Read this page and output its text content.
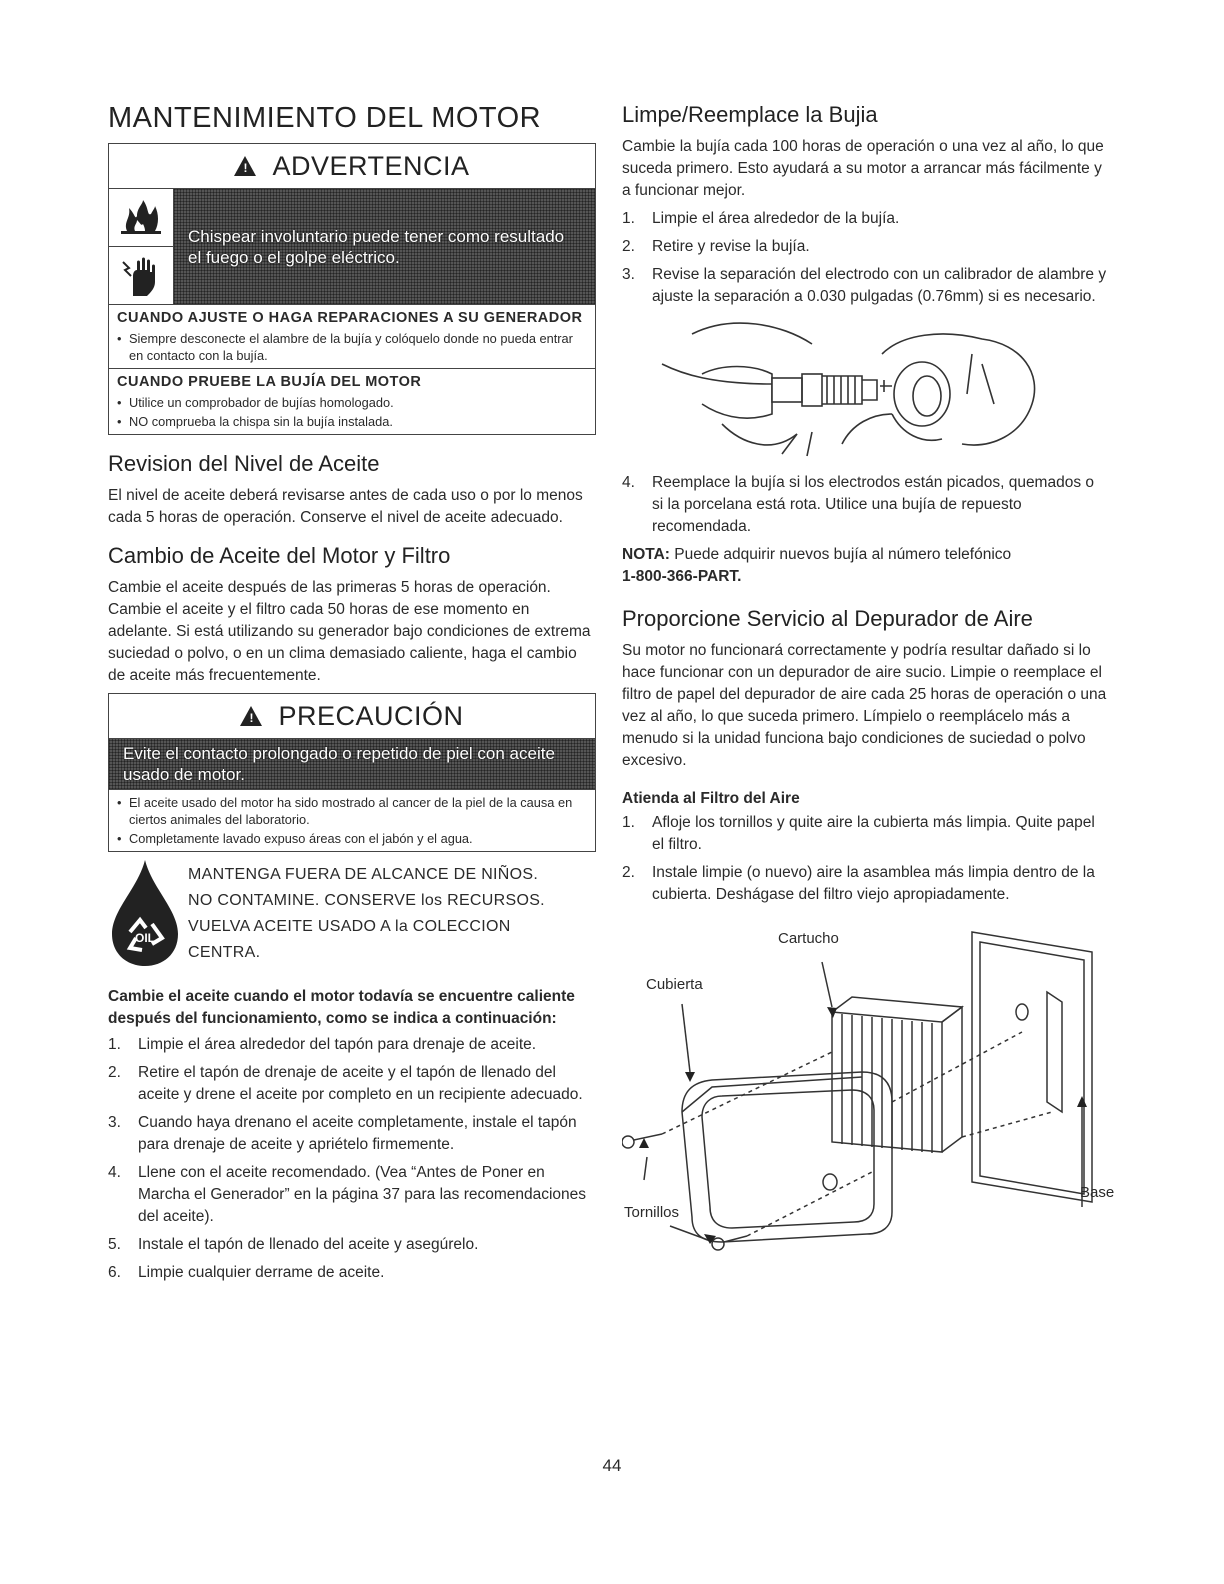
MANTENIMIENTO DEL MOTOR
! ADVERTENCIA
Chispear involuntario puede tener como resultado el fuego o el golpe eléctrico.
CUANDO AJUSTE O HAGA REPARACIONES A SU GENERADOR
• Siempre desconecte el alambre de la bujía y colóquelo donde no pueda entrar en contacto con la bujía.
CUANDO PRUEBE LA BUJÍA DEL MOTOR
• Utilice un comprobador de bujías homologado.
• NO comprueba la chispa sin la bujía instalada.
Revision del Nivel de Aceite

El nivel de aceite deberá revisarse antes de cada uso o por lo menos cada 5 horas de operación. Conserve el nivel de aceite adecuado.

Cambio de Aceite del Motor y Filtro

Cambie el aceite después de las primeras 5 horas de operación. Cambie el aceite y el filtro cada 50 horas de ese momento en adelante. Si está utilizando su generador bajo condiciones de extrema suciedad o polvo, o en un clima demasiado caliente, haga el cambio de aceite más frecuentemente.

! PRECAUCIÓN
Evite el contacto prolongado o repetido de piel con aceite usado de motor.
• El aceite usado del motor ha sido mostrado al cancer de la piel de la causa en ciertos animales del laboratorio.
• Completamente lavado expuso áreas con el jabón y el agua.
OIL
MANTENGA FUERA DE ALCANCE DE NIÑOS.
NO CONTAMINE. CONSERVE los RECURSOS.
VUELVA ACEITE USADO A la COLECCION
CENTRA.
Cambie el aceite cuando el motor todavía se encuentre caliente después del funcionamiento, como se indica a continuación:
1.	Limpie el área alrededor del tapón para drenaje de aceite.
2.	Retire el tapón de drenaje de aceite y el tapón de llenado del aceite y drene el aceite por completo en un recipiente adecuado.
3.	Cuando haya drenano el aceite completamente, instale el tapón para drenaje de aceite y apriételo firmemente.
4.	Llene con el aceite recomendado. (Vea “Antes de Poner en Marcha el Generador” en la página 37 para las recomendaciones del aceite).
5.	Instale el tapón de llenado del aceite y asegúrelo.
6.	Limpie cualquier derrame de aceite.
Limpe/Reemplace la Bujia

Cambie la bujía cada 100 horas de operación o una vez al año, lo que suceda primero. Esto ayudará a su motor a arrancar más fácilmente y a funcionar mejor.

1.	Limpie el área alrededor de la bujía.
2.	Retire y revise la bujía.
3.	Revise la separación del electrodo con un calibrador de alambre y ajuste la separación a 0.030 pulgadas (0.76mm) si es necesario.
4.	Reemplace la bujía si los electrodos están picados, quemados o si la porcelana está rota. Utilice una bujía de repuesto recomendada.

NOTA: Puede adquirir nuevos bujía al número telefónico
1-800-366-PART.

Proporcione Servicio al Depurador de Aire

Su motor no funcionará correctamente y podría resultar dañado si lo hace funcionar con un depurador de aire sucio. Limpie o reemplace el filtro de papel del depurador de aire cada 25 horas de operación o una vez al año, lo que suceda primero. Límpielo o reemplácelo más a menudo si la unidad funciona bajo condiciones de suciedad o polvo excesivo.

Atienda al Filtro del Aire
1.	Afloje los tornillos y quite aire la cubierta más limpia. Quite papel el filtro.
2.	Instale limpie (o nuevo) aire la asamblea más limpia dentro de la cubierta. Deshágase del filtro viejo apropiadamente.
Cartucho
Cubierta
Tornillos
Base
44
